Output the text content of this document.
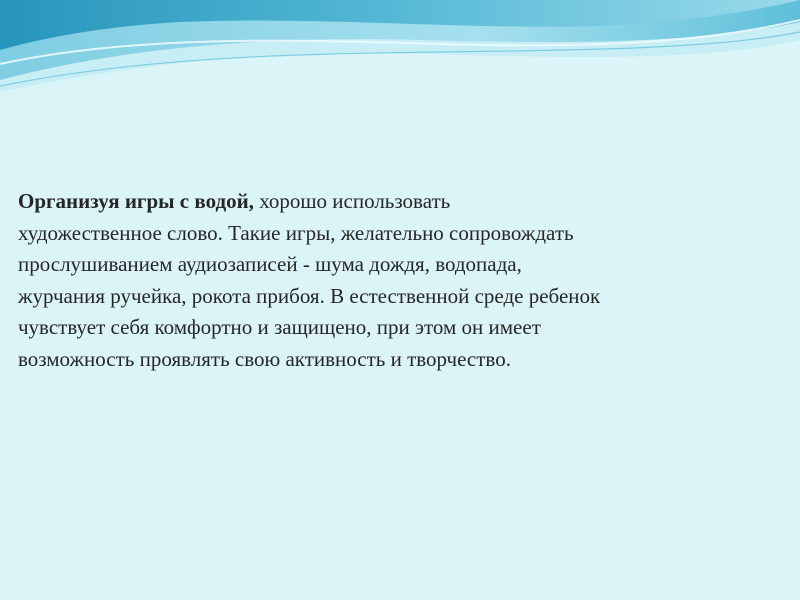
Организуя игры с водой, хорошо использовать
художественное слово. Такие игры, желательно сопровождать
прослушиванием аудиозаписей - шума дождя, водопада,
журчания ручейка, рокота прибоя. В естественной среде ребенок
чувствует себя комфортно и защищено, при этом он имеет
возможность проявлять свою активность и творчество.
